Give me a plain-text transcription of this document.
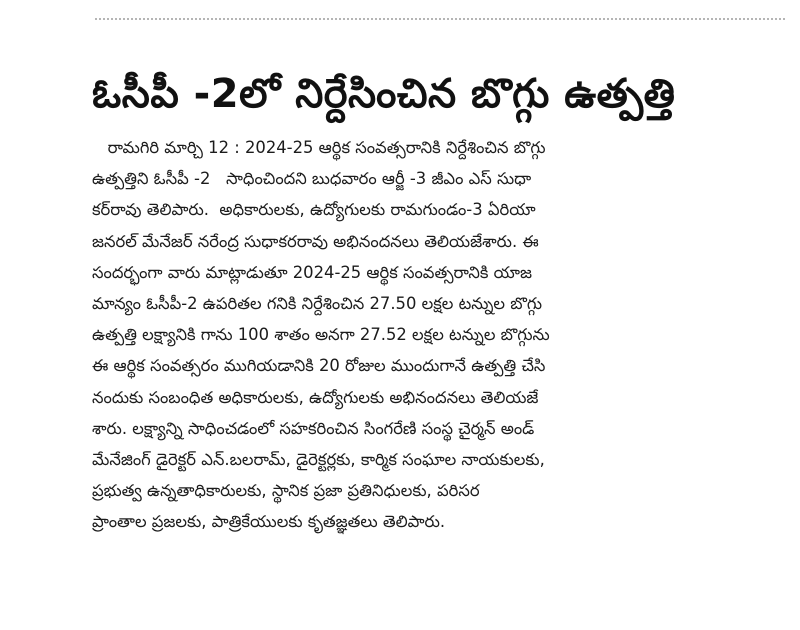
ఓసీపీ -2లో నిర్దేసించిన బొగ్గు ఉత్పత్తి
రామగిరి మార్చి 12 : 2024-25 ఆర్థిక సంవత్సరానికి నిర్దేశించిన బొగ్గు
ఉత్పత్తిని ఓసీపీ -2   సాధించిందని బుధవారం ఆర్జీ -3 జీఎం ఎస్ సుధా
కర్‌రావు తెలిపారు.  అధికారులకు, ఉద్యోగులకు రామగుండం-3 ఏరియా
జనరల్ మేనేజర్ నరేంద్ర సుధాకరరావు అభినందనలు తెలియజేశారు. ఈ
సందర్భంగా వారు మాట్లాడుతూ 2024-25 ఆర్థిక సంవత్సరానికి యాజ
మాన్యం ఓసీపీ-2 ఉపరితల గనికి నిర్దేశించిన 27.50 లక్షల టన్నుల బొగ్గు
ఉత్పత్తి లక్ష్యానికి గాను 100 శాతం అనగా 27.52 లక్షల టన్నుల బొగ్గును
ఈ ఆర్థిక సంవత్సరం ముగియడానికి 20 రోజుల ముందుగానే ఉత్పత్తి చేసి
నందుకు సంబంధిత అధికారులకు, ఉద్యోగులకు అభినందనలు తెలియజే
శారు. లక్ష్యాన్ని సాధించడంలో సహకరించిన సింగరేణి సంస్థ చైర్మన్ అండ్
మేనేజింగ్ డైరెక్టర్ ఎన్.బలరామ్, డైరెక్టర్లకు, కార్మిక సంఘాల నాయకులకు,
ప్రభుత్వ ఉన్నతాధికారులకు, స్థానిక ప్రజా ప్రతినిధులకు, పరిసర
ప్రాంతాల ప్రజలకు, పాత్రికేయులకు కృతజ్ఞతలు తెలిపారు.
